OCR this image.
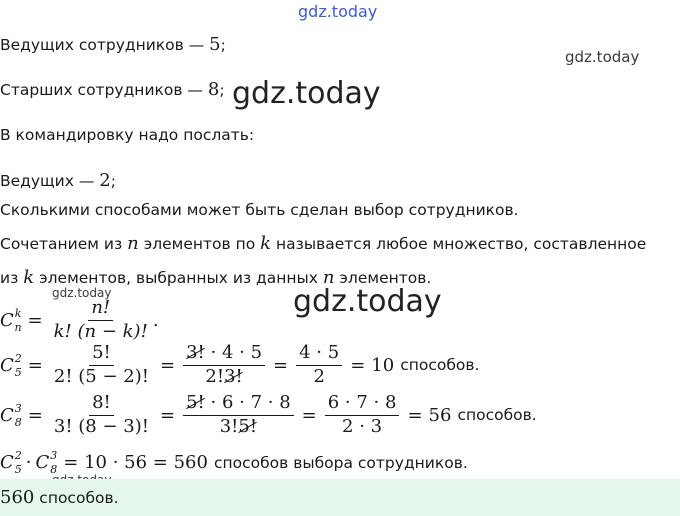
gdz.today
gdz.today
gdz.today
gdz.today	gdz.today
Ведущих сотрудников — 5;
Старших сотрудников — 8;
В командировку надо послать:
Ведущих — 2;
Сколькими способами может быть сделан выбор сотрудников.
Сочетанием из n элементов по k называется любое множество, составленное
из k элементов, выбранных из данных n элементов.
$C^k_n = \frac{n!}{k! (n - k)!}$ .
$C^2_5 = \frac{5!}{2! (5 - 2)!} = \frac{3! \cdot 4 \cdot 5}{2!3!} = \frac{4 \cdot 5}{2} = 10$ способов.
$C^3_8 = \frac{8!}{3! (8 - 3)!} = \frac{5! \cdot 6 \cdot 7 \cdot 8}{3!5!} = \frac{6 \cdot 7 \cdot 8}{2 \cdot 3} = 56$ способов.
$C^2_5 \cdot C^3_8 = 10 \cdot 56 = 560$ способов выбора сотрудников.
560 способов.
